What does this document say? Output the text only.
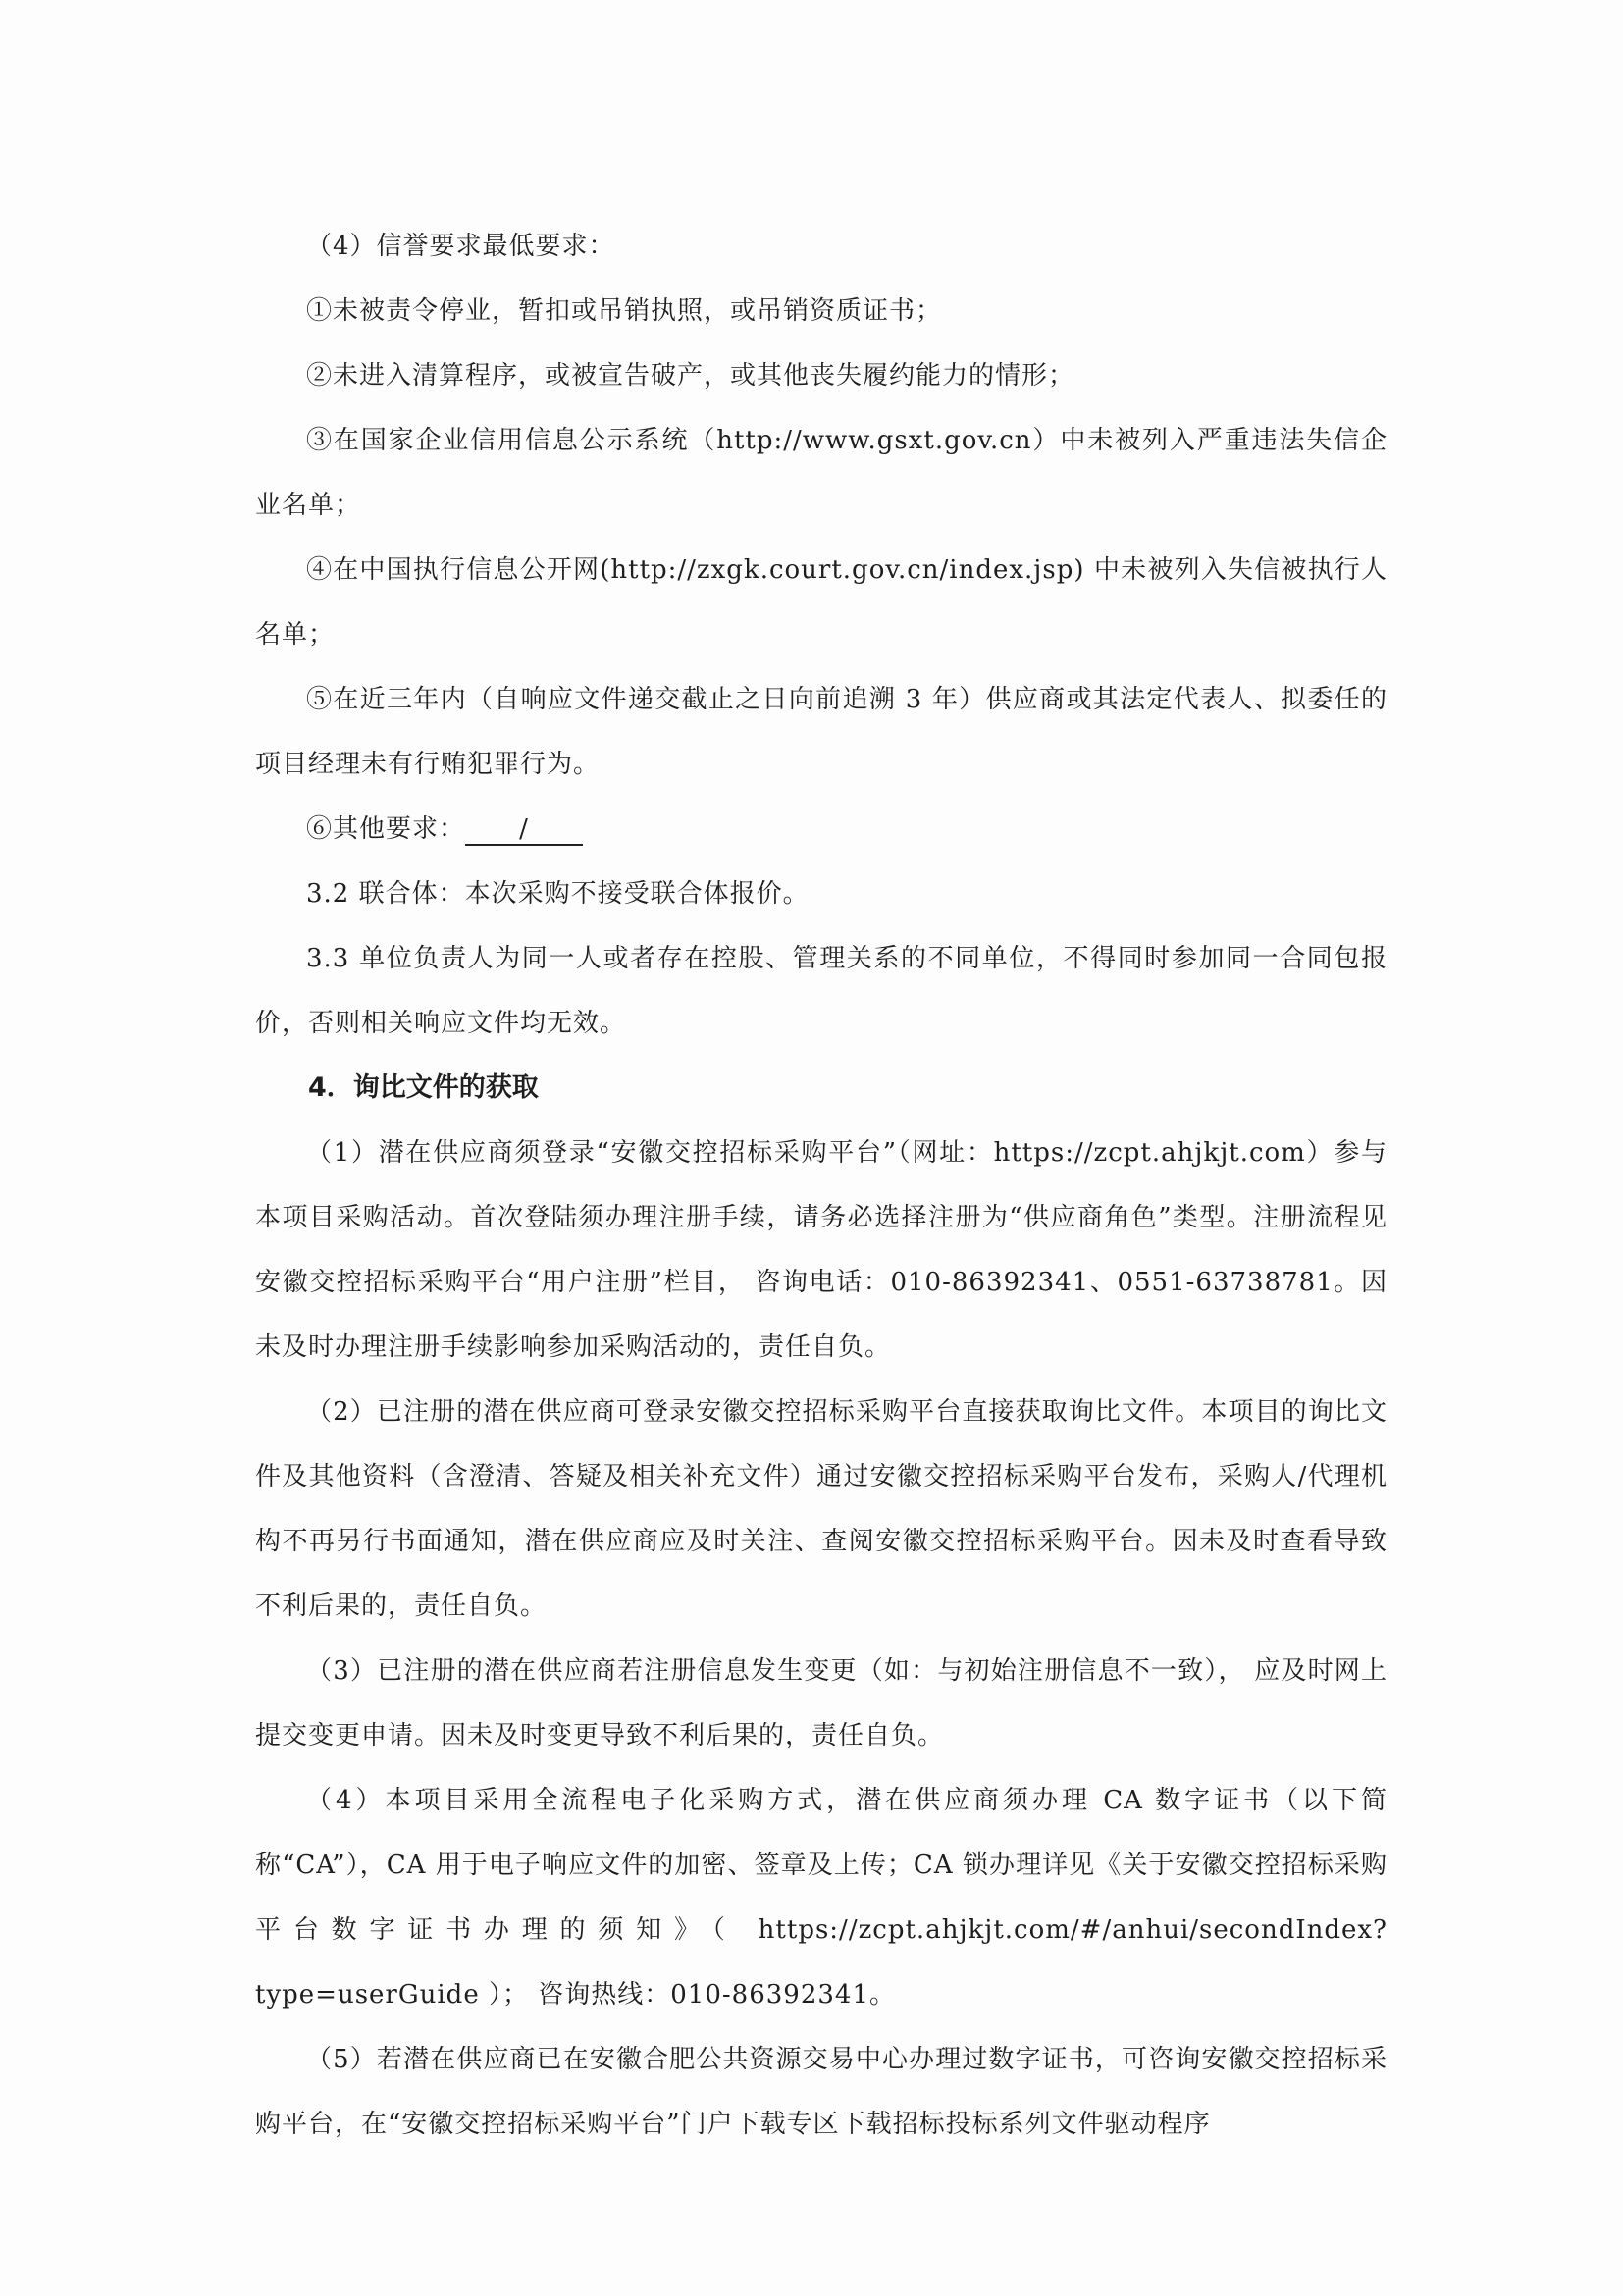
（4）信誉要求最低要求：

①未被责令停业，暂扣或吊销执照，或吊销资质证书；

②未进入清算程序，或被宣告破产，或其他丧失履约能力的情形；

③在国家企业信用信息公示系统（http://www.gsxt.gov.cn）中未被列入严重违法失信企业名单；

④在中国执行信息公开网(http://zxgk.court.gov.cn/index.jsp) 中未被列入失信被执行人名单；

⑤在近三年内（自响应文件递交截止之日向前追溯 3 年）供应商或其法定代表人、拟委任的项目经理未有行贿犯罪行为。

⑥其他要求： /

3.2 联合体：本次采购不接受联合体报价。

3.3 单位负责人为同一人或者存在控股、管理关系的不同单位，不得同时参加同一合同包报价，否则相关响应文件均无效。

4．询比文件的获取

（1）潜在供应商须登录“安徽交控招标采购平台”（网址：https://zcpt.ahjkjt.com）参与本项目采购活动。首次登陆须办理注册手续，请务必选择注册为“供应商角色”类型。注册流程见安徽交控招标采购平台“用户注册”栏目， 咨询电话：010-86392341、0551-63738781。因未及时办理注册手续影响参加采购活动的，责任自负。

（2）已注册的潜在供应商可登录安徽交控招标采购平台直接获取询比文件。本项目的询比文件及其他资料（含澄清、答疑及相关补充文件）通过安徽交控招标采购平台发布，采购人/代理机构不再另行书面通知，潜在供应商应及时关注、查阅安徽交控招标采购平台。因未及时查看导致不利后果的，责任自负。

（3）已注册的潜在供应商若注册信息发生变更（如：与初始注册信息不一致）， 应及时网上提交变更申请。因未及时变更导致不利后果的，责任自负。

（4）本项目采用全流程电子化采购方式，潜在供应商须办理 CA 数字证书（以下简称“CA”），CA 用于电子响应文件的加密、签章及上传；CA 锁办理详见《关于安徽交控招标采购平台数字证书办理的须知》（ https://zcpt.ahjkjt.com/#/anhui/secondIndex?type=userGuide ）； 咨询热线：010-86392341。

（5）若潜在供应商已在安徽合肥公共资源交易中心办理过数字证书，可咨询安徽交控招标采购平台，在“安徽交控招标采购平台”门户下载专区下载招标投标系列文件驱动程序
